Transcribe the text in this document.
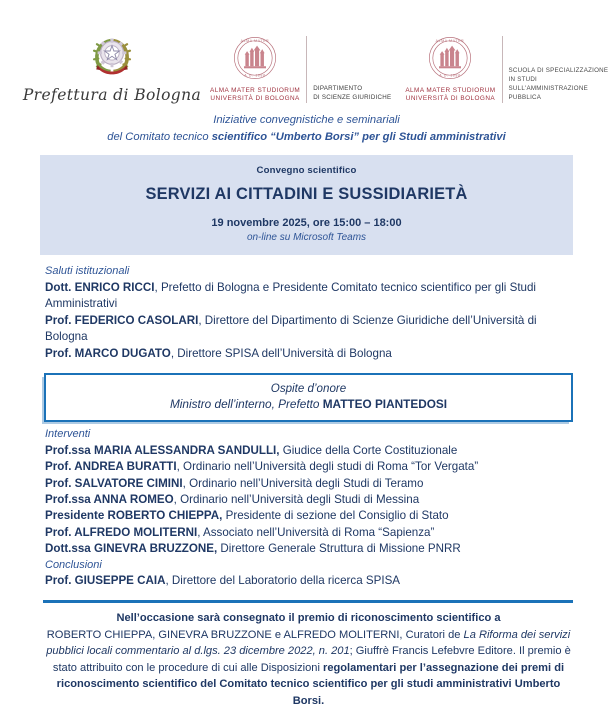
Prefettura di Bologna
ALMA MATER
A.D. 1088
ALMA MATER STUDIORUM
UNIVERSITÀ DI BOLOGNA
DIPARTIMENTO
DI SCIENZE GIURIDICHE
ALMA MATER
A.D. 1088
ALMA MATER STUDIORUM
UNIVERSITÀ DI BOLOGNA
SCUOLA DI SPECIALIZZAZIONE
IN STUDI
SULL'AMMINISTRAZIONE
PUBBLICA
Iniziative convegnistiche e seminariali
del Comitato tecnico scientifico “Umberto Borsi” per gli Studi amministrativi
Convegno scientifico
SERVIZI AI CITTADINI E SUSSIDIARIETÀ
19 novembre 2025, ore 15:00 – 18:00
on-line su Microsoft Teams
Saluti istituzionali
Dott. ENRICO RICCI, Prefetto di Bologna e Presidente Comitato tecnico scientifico per gli Studi Amministrativi
Prof. FEDERICO CASOLARI, Direttore del Dipartimento di Scienze Giuridiche dell’Università di Bologna
Prof. MARCO DUGATO, Direttore SPISA dell’Università di Bologna
Ospite d’onore
Ministro dell’interno, Prefetto MATTEO PIANTEDOSI
Interventi
Prof.ssa MARIA ALESSANDRA SANDULLI, Giudice della Corte Costituzionale
Prof. ANDREA BURATTI, Ordinario nell’Università degli studi di Roma “Tor Vergata”
Prof. SALVATORE CIMINI, Ordinario nell’Università degli Studi di Teramo
Prof.ssa ANNA ROMEO, Ordinario nell’Università degli Studi di Messina
Presidente ROBERTO CHIEPPA, Presidente di sezione del Consiglio di Stato
Prof. ALFREDO MOLITERNI, Associato nell’Università di Roma “Sapienza”
Dott.ssa GINEVRA BRUZZONE, Direttore Generale Struttura di Missione PNRR
Conclusioni
Prof. GIUSEPPE CAIA, Direttore del Laboratorio della ricerca SPISA
Nell’occasione sarà consegnato il premio di riconoscimento scientifico a
ROBERTO CHIEPPA, GINEVRA BRUZZONE e ALFREDO MOLITERNI, Curatori de La Riforma dei servizi pubblici locali commentario al d.lgs. 23 dicembre 2022, n. 201; Giuffrè Francis Lefebvre Editore. Il premio è stato attribuito con le procedure di cui alle Disposizioni regolamentari per l’assegnazione dei premi di riconoscimento scientifico del Comitato tecnico scientifico per gli studi amministrativi Umberto Borsi.
